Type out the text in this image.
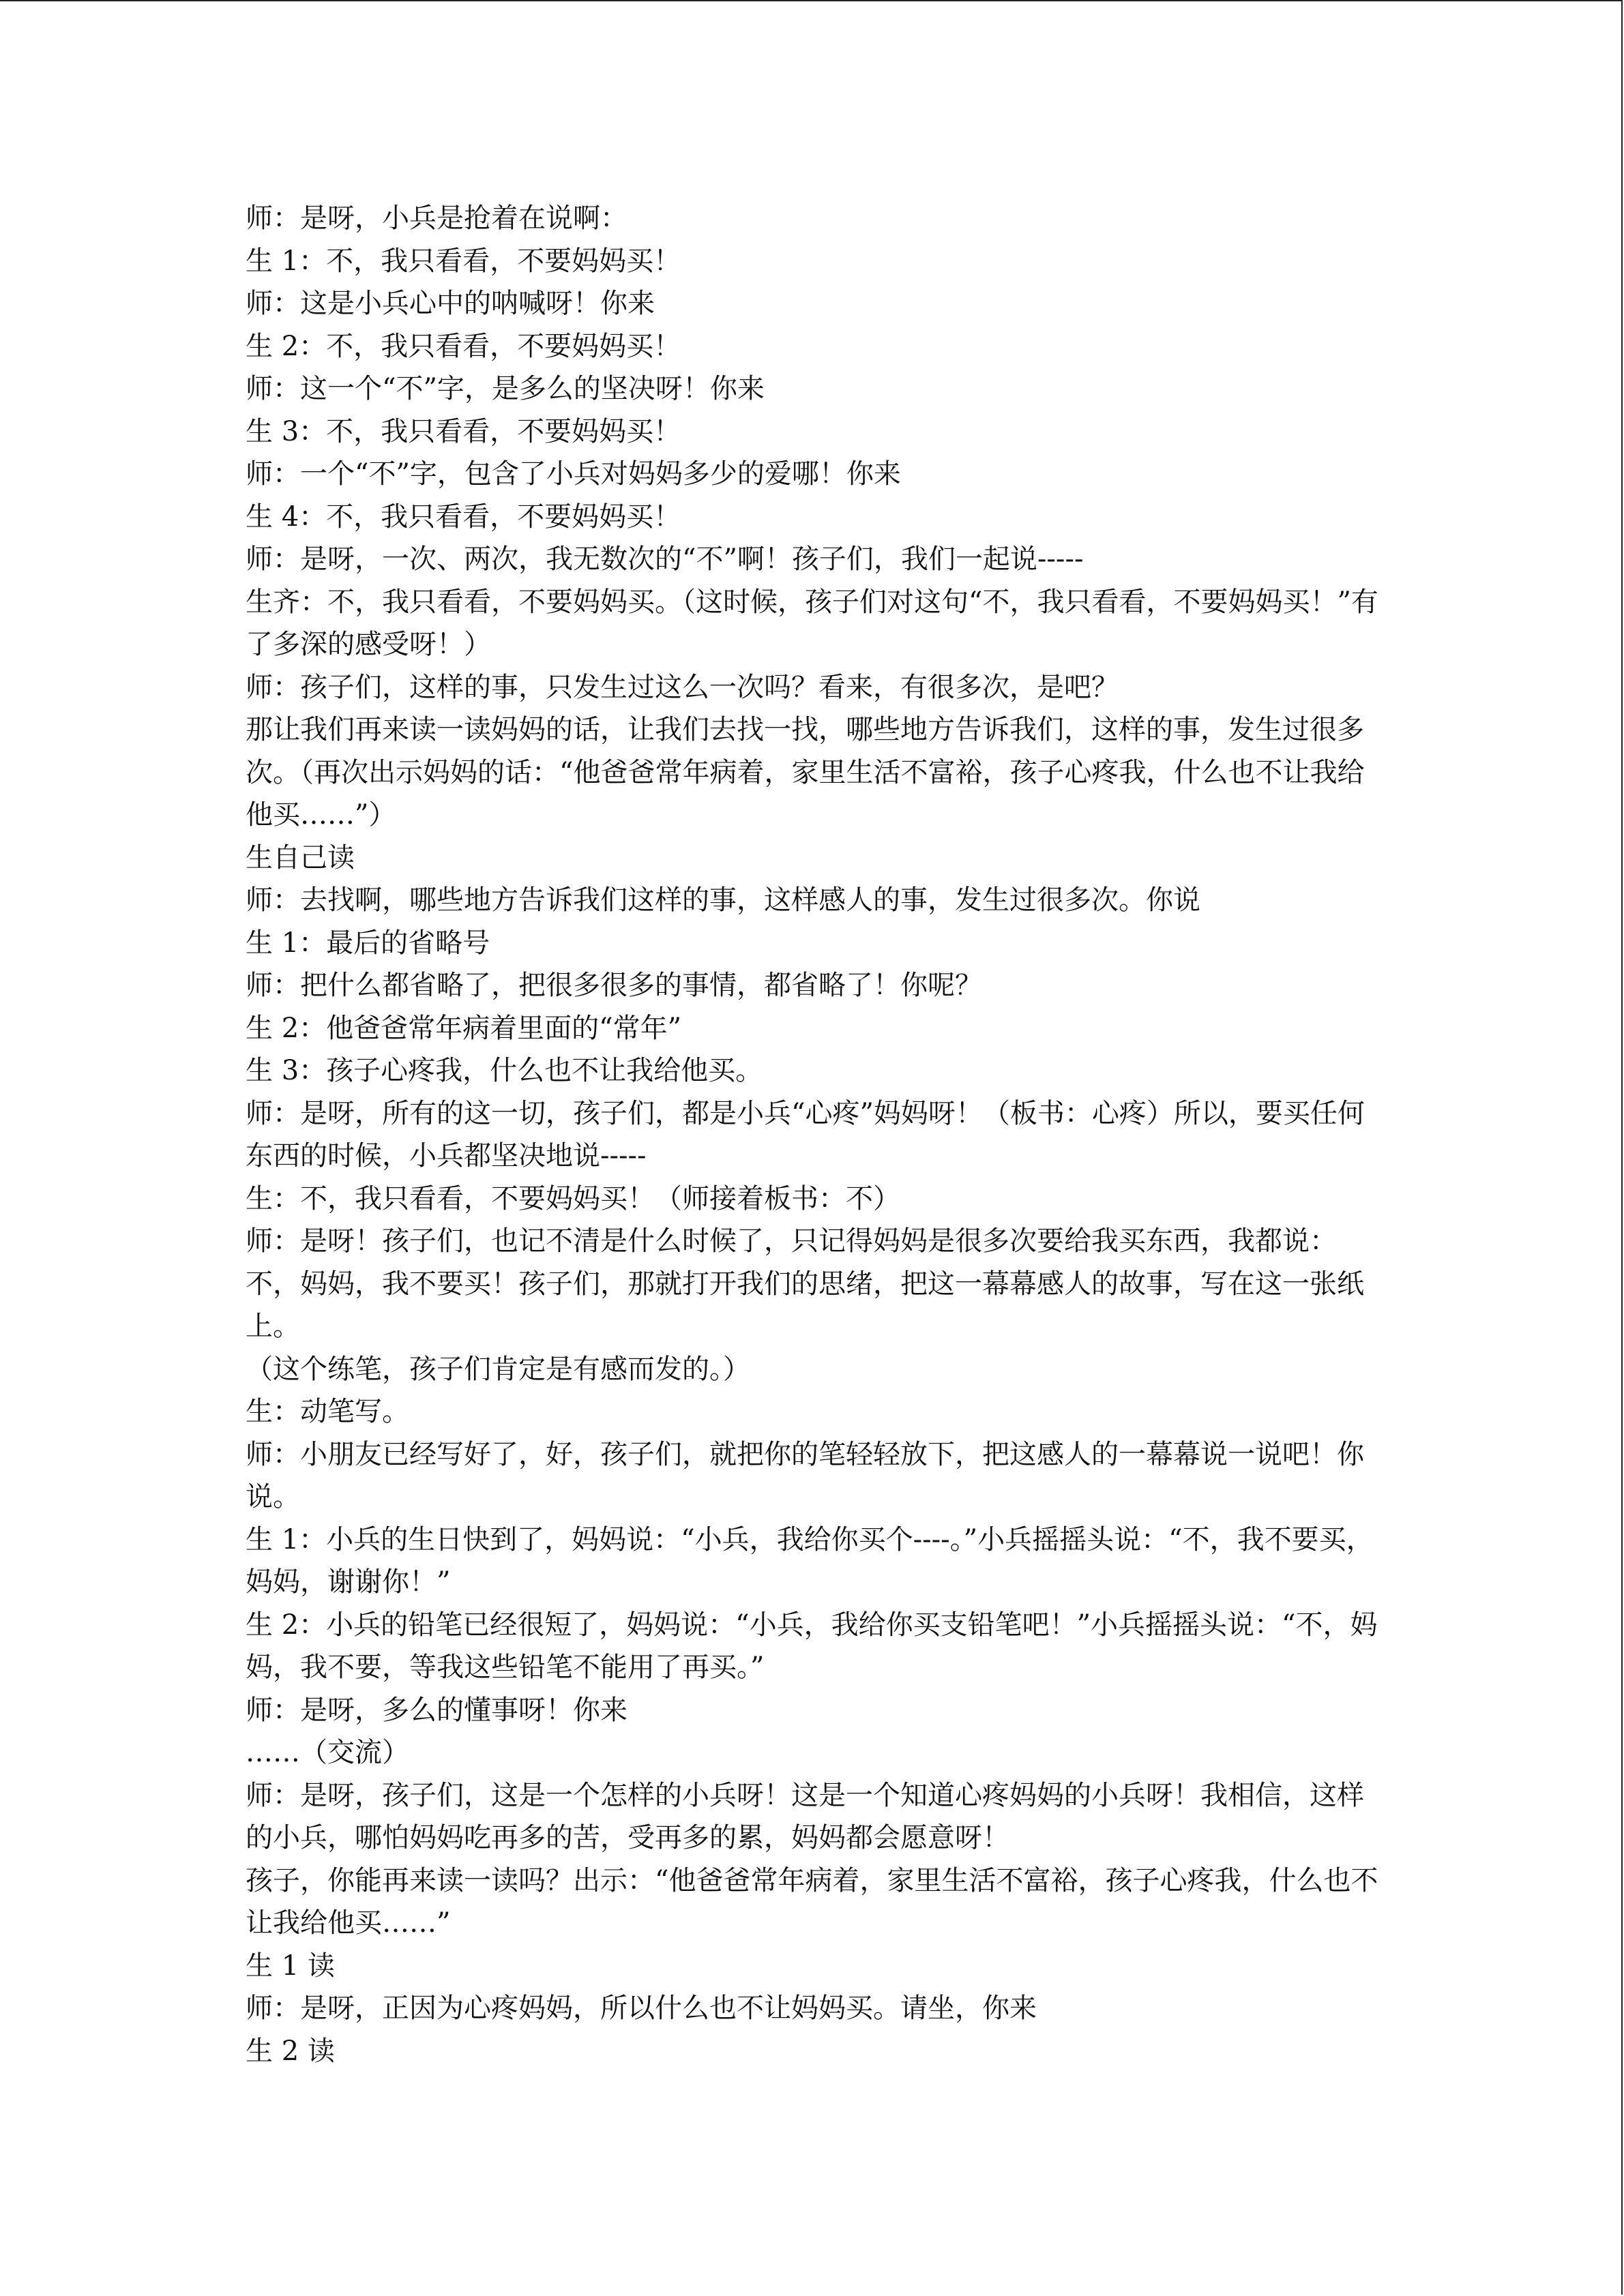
师：是呀，小兵是抢着在说啊：

生 1：不，我只看看，不要妈妈买！

师：这是小兵心中的呐喊呀！你来

生 2：不，我只看看，不要妈妈买！

师：这一个“不”字，是多么的坚决呀！你来

生 3：不，我只看看，不要妈妈买！

师：一个“不”字，包含了小兵对妈妈多少的爱哪！你来

生 4：不，我只看看，不要妈妈买！

师：是呀，一次、两次，我无数次的“不”啊！孩子们，我们一起说-----

生齐：不，我只看看，不要妈妈买。（这时候，孩子们对这句“不，我只看看，不要妈妈买！”有了多深的感受呀！）

师：孩子们，这样的事，只发生过这么一次吗？看来，有很多次，是吧？

那让我们再来读一读妈妈的话，让我们去找一找，哪些地方告诉我们，这样的事，发生过很多次。（再次出示妈妈的话：“他爸爸常年病着，家里生活不富裕，孩子心疼我，什么也不让我给他买……”）

生自己读

师：去找啊，哪些地方告诉我们这样的事，这样感人的事，发生过很多次。你说

生 1：最后的省略号

师：把什么都省略了，把很多很多的事情，都省略了！你呢？

生 2：他爸爸常年病着里面的“常年”

生 3：孩子心疼我，什么也不让我给他买。

师：是呀，所有的这一切，孩子们，都是小兵“心疼”妈妈呀！（板书：心疼）所以，要买任何东西的时候，小兵都坚决地说-----

生：不，我只看看，不要妈妈买！（师接着板书：不）

师：是呀！孩子们，也记不清是什么时候了，只记得妈妈是很多次要给我买东西，我都说：不，妈妈，我不要买！孩子们，那就打开我们的思绪，把这一幕幕感人的故事，写在这一张纸上。

（这个练笔，孩子们肯定是有感而发的。）

生：动笔写。

师：小朋友已经写好了，好，孩子们，就把你的笔轻轻放下，把这感人的一幕幕说一说吧！你说。

生 1：小兵的生日快到了，妈妈说：“小兵，我给你买个----。”小兵摇摇头说：“不，我不要买，妈妈，谢谢你！”

生 2：小兵的铅笔已经很短了，妈妈说：“小兵，我给你买支铅笔吧！”小兵摇摇头说：“不，妈妈，我不要，等我这些铅笔不能用了再买。”

师：是呀，多么的懂事呀！你来

……（交流）

师：是呀，孩子们，这是一个怎样的小兵呀！这是一个知道心疼妈妈的小兵呀！我相信，这样的小兵，哪怕妈妈吃再多的苦，受再多的累，妈妈都会愿意呀！

孩子，你能再来读一读吗？出示：“他爸爸常年病着，家里生活不富裕，孩子心疼我，什么也不让我给他买……”

生 1 读

师：是呀，正因为心疼妈妈，所以什么也不让妈妈买。请坐，你来

生 2 读
